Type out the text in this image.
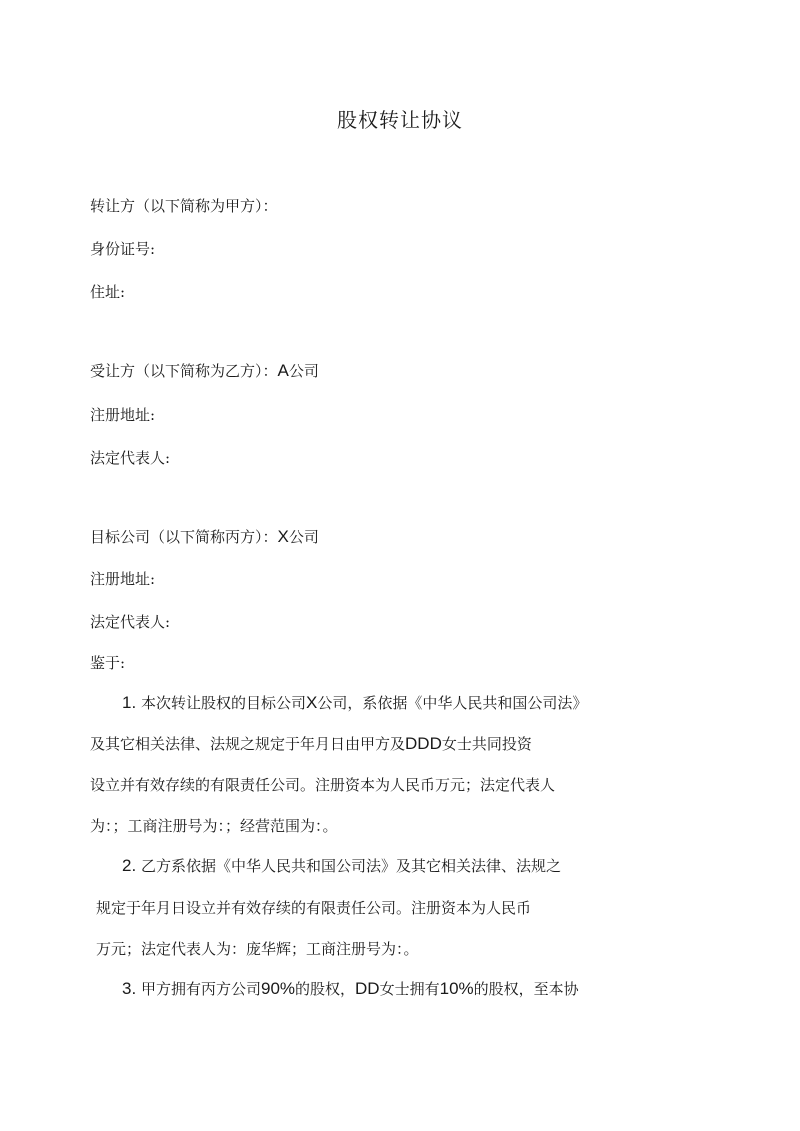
股权转让协议
转让方（以下简称为甲方）：
身份证号:
住址:
受让方（以下简称为乙方）：A公司
注册地址:
法定代表人:
目标公司（以下简称丙方）：X公司
注册地址:
法定代表人:
鉴于:
1. 本次转让股权的目标公司X公司，系依据《中华人民共和国公司法》
及其它相关法律、法规之规定于年月日由甲方及DDD女士共同投资
设立并有效存续的有限责任公司。注册资本为人民币万元；法定代表人
为：；工商注册号为：；经营范围为：。
2. 乙方系依据《中华人民共和国公司法》及其它相关法律、法规之
规定于年月日设立并有效存续的有限责任公司。注册资本为人民币
万元；法定代表人为：庞华辉；工商注册号为：。
3. 甲方拥有丙方公司90%的股权，DD女士拥有10%的股权，至本协
